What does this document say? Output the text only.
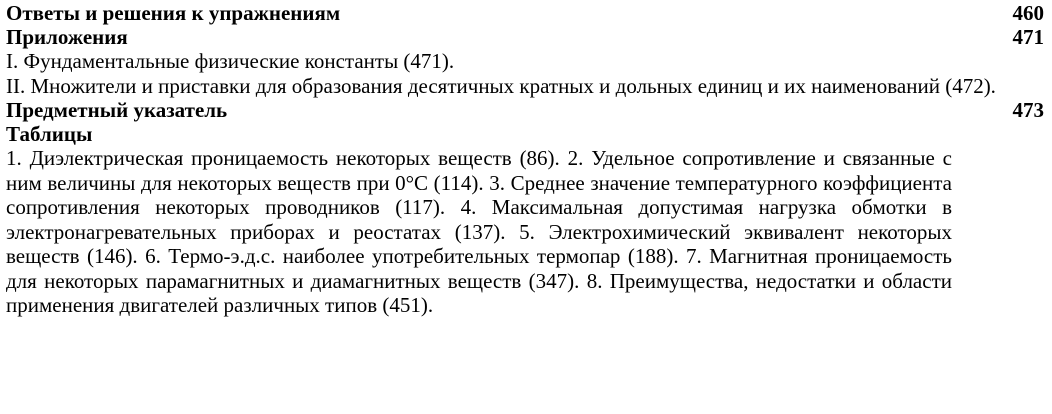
Ответы и решения к упражнениям	460
Приложения	471

I. Фундаментальные физические константы (471).

II. Множители и приставки для образования десятичных кратных и дольных единиц и их наименований (472).

Предметный указатель	473
Таблицы

1. Диэлектрическая проницаемость некоторых веществ (86). 2. Удельное сопротивление и связанные с ним величины для некоторых веществ при 0°С (114). 3. Среднее значение температурного коэффициента сопротивления некоторых проводников (117). 4. Максимальная допустимая нагрузка обмотки в электронагревательных приборах и реостатах (137). 5. Электрохимический эквивалент некоторых веществ (146). 6. Термо-э.д.с. наиболее употребительных термопар (188). 7. Магнитная проницаемость для некоторых парамагнитных и диамагнитных веществ (347). 8. Преимущества, недостатки и области применения двигателей различных типов (451).
